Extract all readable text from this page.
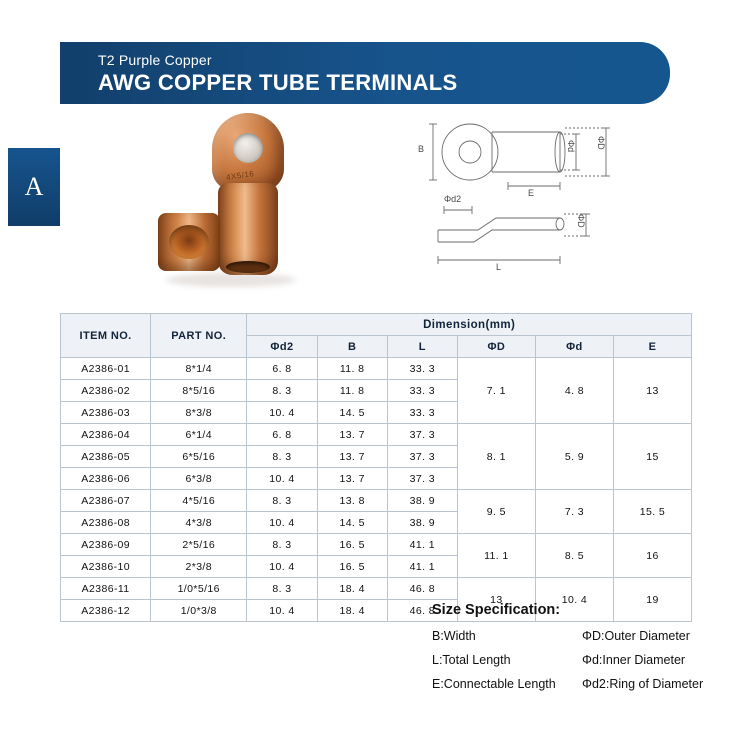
T2 Purple Copper
AWG COPPER TUBE TERMINALS
A	4X5/16
B
E
L
Φd ΦD
Φd2
ΦD
ITEM NO.	PART NO.	Dimension(mm)					
		Φd2	B	L	ΦD	Φd	E
A2386-01	8*1/4	6. 8	11. 8	33. 3	7. 1	4. 8	13
A2386-02	8*5/16	8. 3	11. 8	33. 3			
A2386-03	8*3/8	10. 4	14. 5	33. 3			
A2386-04	6*1/4	6. 8	13. 7	37. 3	8. 1	5. 9	15
A2386-05	6*5/16	8. 3	13. 7	37. 3			
A2386-06	6*3/8	10. 4	13. 7	37. 3			
A2386-07	4*5/16	8. 3	13. 8	38. 9	9. 5	7. 3	15. 5
A2386-08	4*3/8	10. 4	14. 5	38. 9			
A2386-09	2*5/16	8. 3	16. 5	41. 1	11. 1	8. 5	16
A2386-10	2*3/8	10. 4	16. 5	41. 1			
A2386-11	1/0*5/16	8. 3	18. 4	46. 8	13	10. 4	19
A2386-12	1/0*3/8	10. 4	18. 4	46. 8			
Size Specification:
B:Width	ΦD:Outer Diameter
L:Total Length	Φd:Inner Diameter
E:Connectable Length	Φd2:Ring of Diameter
